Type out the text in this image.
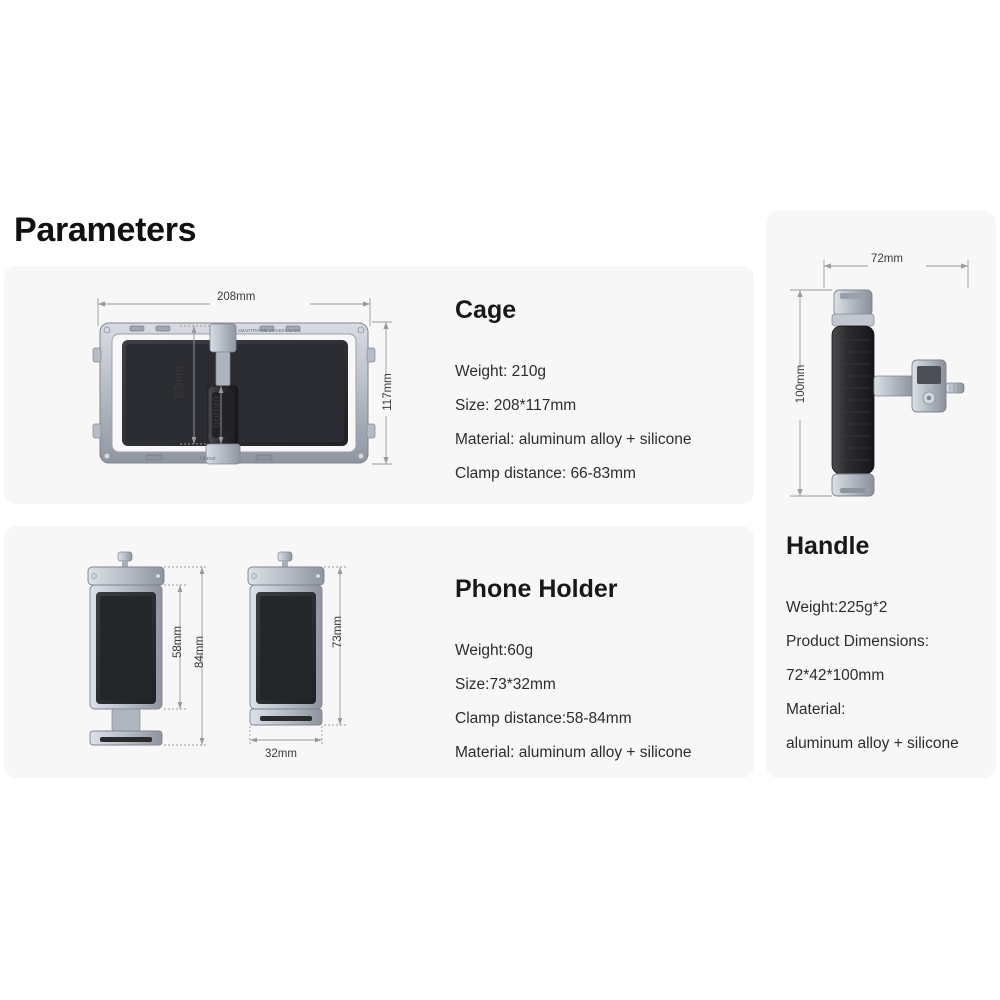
Parameters
SMARTPHONE UNIVERSAL RIG
Ulanzi
208mm
117mm
83mm
66mm
Cage
Weight: 210g
Size: 208*117mm
Material: aluminum alloy + silicone
Clamp distance: 66-83mm
58mm 84mm
73mm
32mm
Phone Holder
Weight:60g
Size:73*32mm
Clamp distance:58-84mm
Material: aluminum alloy + silicone
72mm
100mm
Handle
Weight:225g*2
Product Dimensions:
72*42*100mm
Material:
aluminum alloy + silicone
